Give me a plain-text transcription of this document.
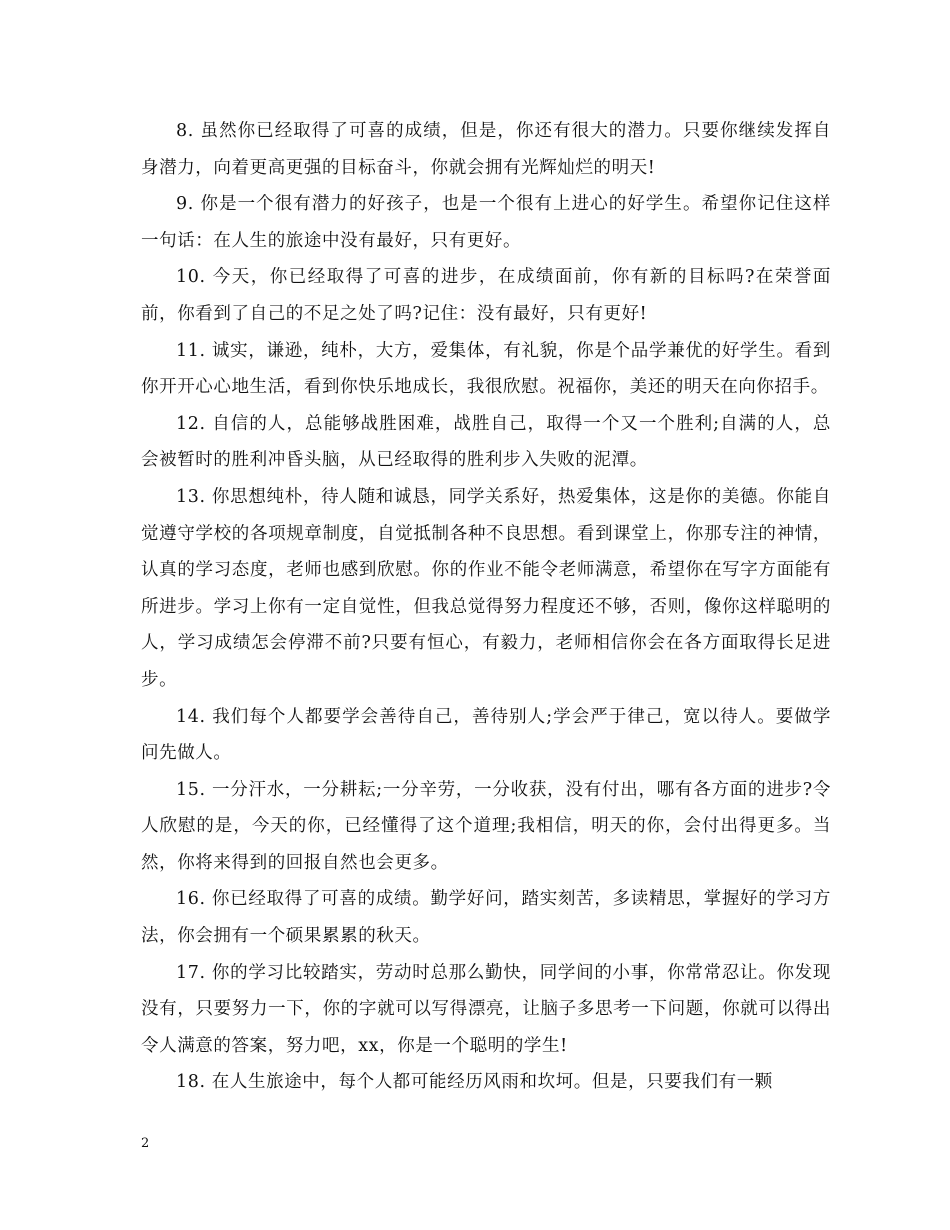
8. 虽然你已经取得了可喜的成绩，但是，你还有很大的潜力。只要你继续发挥自身潜力，向着更高更强的目标奋斗，你就会拥有光辉灿烂的明天!

9. 你是一个很有潜力的好孩子，也是一个很有上进心的好学生。希望你记住这样一句话：在人生的旅途中没有最好，只有更好。

10. 今天，你已经取得了可喜的进步，在成绩面前，你有新的目标吗?在荣誉面前，你看到了自己的不足之处了吗?记住：没有最好，只有更好!

11. 诚实，谦逊，纯朴，大方，爱集体，有礼貌，你是个品学兼优的好学生。看到你开开心心地生活，看到你快乐地成长，我很欣慰。祝福你，美还的明天在向你招手。

12. 自信的人，总能够战胜困难，战胜自己，取得一个又一个胜利;自满的人，总会被暂时的胜利冲昏头脑，从已经取得的胜利步入失败的泥潭。

13. 你思想纯朴，待人随和诚恳，同学关系好，热爱集体，这是你的美德。你能自觉遵守学校的各项规章制度，自觉抵制各种不良思想。看到课堂上，你那专注的神情，认真的学习态度，老师也感到欣慰。你的作业不能令老师满意，希望你在写字方面能有所进步。学习上你有一定自觉性，但我总觉得努力程度还不够，否则，像你这样聪明的人，学习成绩怎会停滞不前?只要有恒心，有毅力，老师相信你会在各方面取得长足进步。

14. 我们每个人都要学会善待自己，善待别人;学会严于律己，宽以待人。要做学问先做人。

15. 一分汗水，一分耕耘;一分辛劳，一分收获，没有付出，哪有各方面的进步?令人欣慰的是，今天的你，已经懂得了这个道理;我相信，明天的你，会付出得更多。当然，你将来得到的回报自然也会更多。

16. 你已经取得了可喜的成绩。勤学好问，踏实刻苦，多读精思，掌握好的学习方法，你会拥有一个硕果累累的秋天。

17. 你的学习比较踏实，劳动时总那么勤快，同学间的小事，你常常忍让。你发现没有，只要努力一下，你的字就可以写得漂亮，让脑子多思考一下问题，你就可以得出令人满意的答案，努力吧，xx，你是一个聪明的学生!

18. 在人生旅途中，每个人都可能经历风雨和坎坷。但是，只要我们有一颗

2
